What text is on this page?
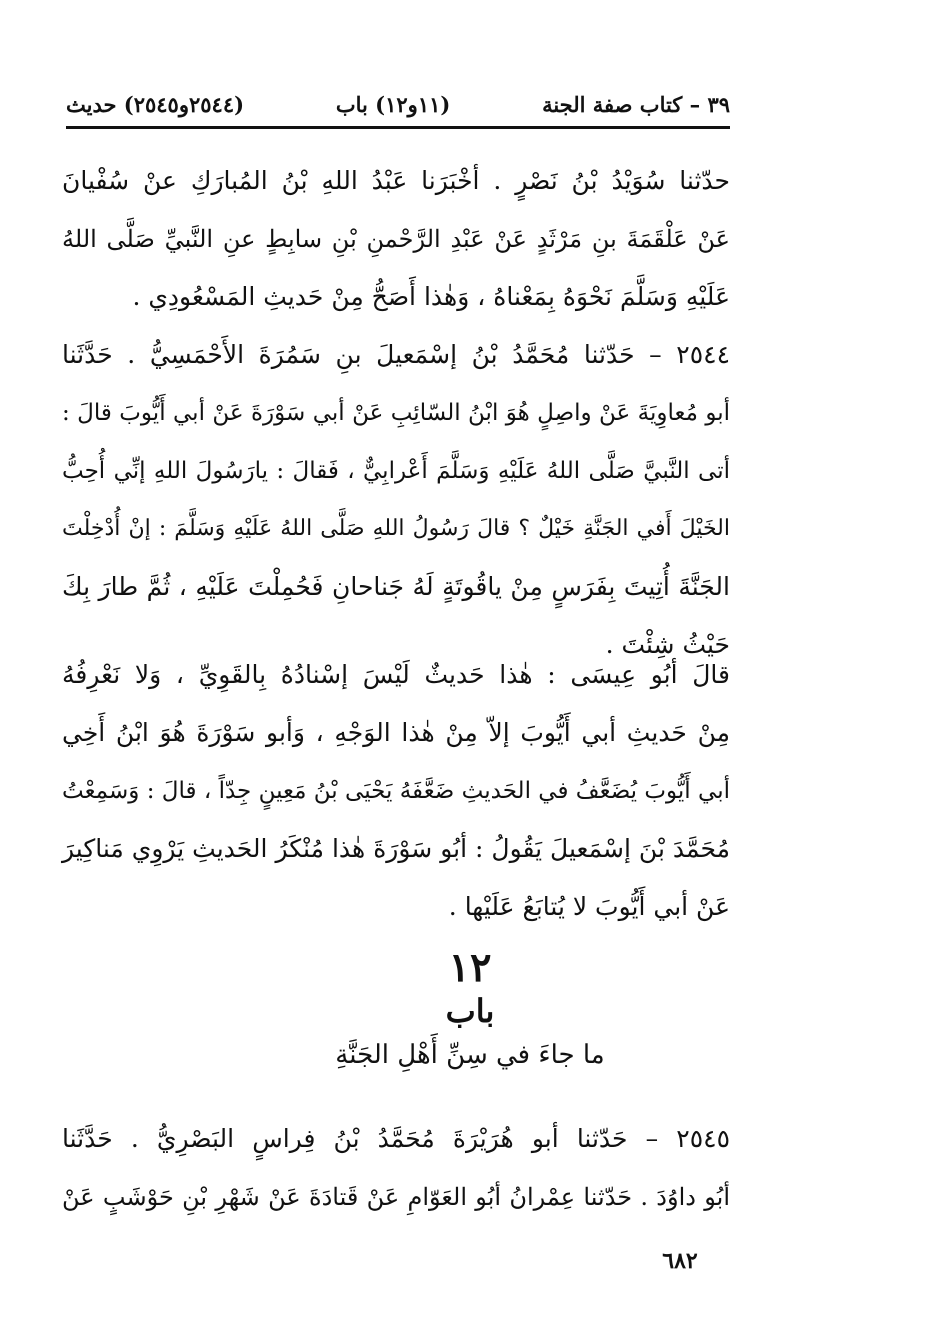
٣٩ – كتاب صفة الجنة
(١١و١٢) باب
(٢٥٤٤و٢٥٤٥) حديث
حدّثنا سُوَيْدُ بْنُ نَصْرٍ . أخْبَرَنا عَبْدُ اللهِ بْنُ المُبارَكِ عنْ سُفْيانَ
عَنْ عَلْقَمَةَ بنِ مَرْثَدٍ عَنْ عَبْدِ الرَّحْمنِ بْنِ سابِطٍ عنِ النَّبيِّ صَلَّى اللهُ
عَلَيْهِ وَسَلَّمَ نَحْوَهُ بِمَعْناهُ ، وَهٰذا أَصَحُّ مِنْ حَديثِ المَسْعُودِي .
٢٥٤٤ – حَدّثنا مُحَمَّدُ بْنُ إسْمَعيلَ بنِ سَمُرَةَ الأَحْمَسِيُّ . حَدَّثَنا
أبو مُعاوِيَةَ عَنْ واصِلٍ هُوَ ابْنُ السّائِبِ عَنْ أبي سَوْرَةَ عَنْ أبي أَيُّوبَ قالَ :
أتى النَّبيَّ صَلَّى اللهُ عَلَيْهِ وَسَلَّمَ أَعْرابِيٌّ ، فَقالَ : يارَسُولَ اللهِ إنِّي أُحِبُّ
الخَيْلَ أَفي الجَنَّةِ خَيْلٌ ؟ قالَ رَسُولُ اللهِ صَلَّى اللهُ عَلَيْهِ وَسَلَّمَ : إنْ أُدْخِلْتَ
الجَنَّةَ أُتِيتَ بِفَرَسٍ مِنْ ياقُوتَةٍ لَهُ جَناحانِ فَحُمِلْتَ عَلَيْهِ ، ثُمَّ طارَ بِكَ
حَيْثُ شِئْتَ .
قالَ أبُو عِيسَى : هٰذا حَديثٌ لَيْسَ إسْنادُهُ بِالقَوِيِّ ، وَلا نَعْرِفُهُ
مِنْ حَديثِ أبي أَيُّوبَ إلاّ مِنْ هٰذا الوَجْهِ ، وَأبو سَوْرَةَ هُوَ ابْنُ أَخِي
أبي أَيُّوبَ يُضَعَّفُ في الحَديثِ ضَعَّفَهُ يَحْيَى بْنُ مَعِينٍ جِدّاً ، قالَ : وَسَمِعْتُ
مُحَمَّدَ بْنَ إسْمَعيلَ يَقُولُ : أبُو سَوْرَةَ هٰذا مُنْكَرُ الحَديثِ يَرْوِي مَناكِيرَ
عَنْ أبي أَيُّوبَ لا يُتابَعُ عَلَيْها .
١٢
باب
ما جاءَ في سِنِّ أَهْلِ الجَنَّةِ
٢٥٤٥ – حَدّثنا أبو هُرَيْرَةَ مُحَمَّدُ بْنُ فِراسٍ البَصْرِيُّ . حَدَّثَنا
أبُو داوُدَ . حَدّثنا عِمْرانُ أبُو العَوّامِ عَنْ قَتادَةَ عَنْ شَهْرِ بْنِ حَوْشَبٍ عَنْ
٦٨٢
